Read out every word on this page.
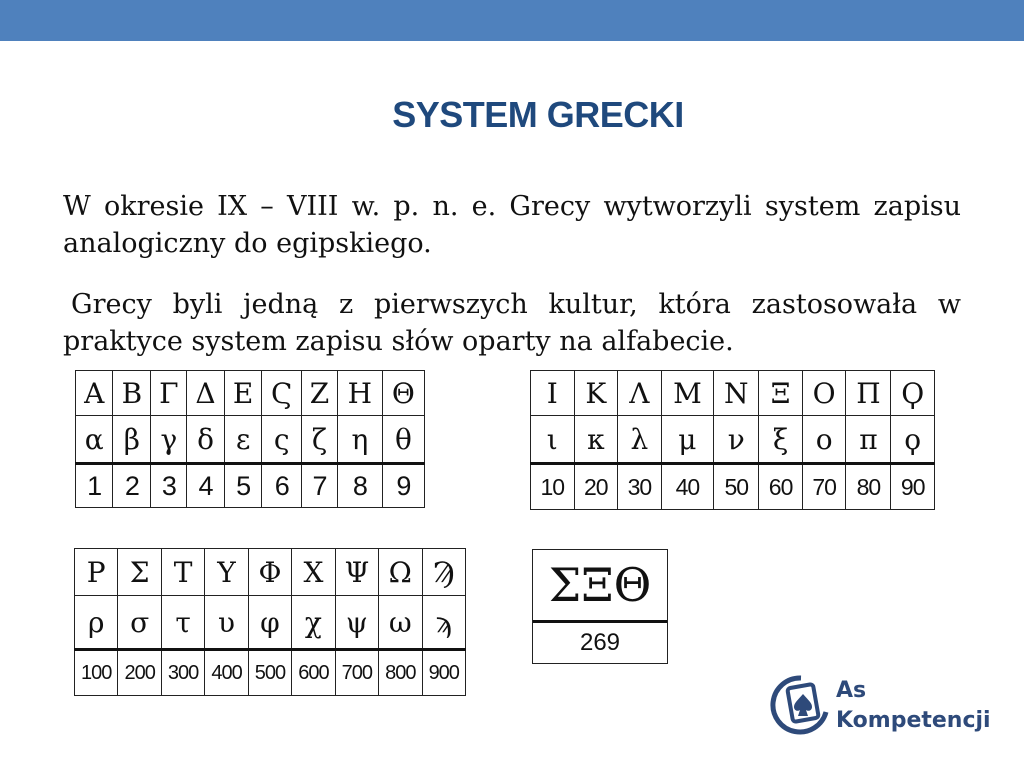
SYSTEM GRECKI
W okresie IX – VIII w. p. n. e. Grecy wytworzyli system zapisu analogiczny do egipskiego.
Grecy byli jedną z pierwszych kultur, która zastosowała w praktyce system zapisu słów oparty na alfabecie.
Α	Β	Γ	Δ	Ε	Ϛ	Ζ	Η	Θ
α	β	γ	δ	ε	ς	ζ	η	θ
1	2	3	4	5	6	7	8	9
Ι	Κ	Λ	Μ	Ν	Ξ	Ο	Π	Ϙ
ι	κ	λ	μ	ν	ξ	ο	π	ϙ
10	20	30	40	50	60	70	80	90
Ρ	Σ	Τ	Υ	Φ	Χ	Ψ	Ω	Ϡ
ρ	σ	τ	υ	φ	χ	ψ	ω	ϡ
100	200	300	400	500	600	700	800	900
ΣΞΘ
269
As
Kompetencji
